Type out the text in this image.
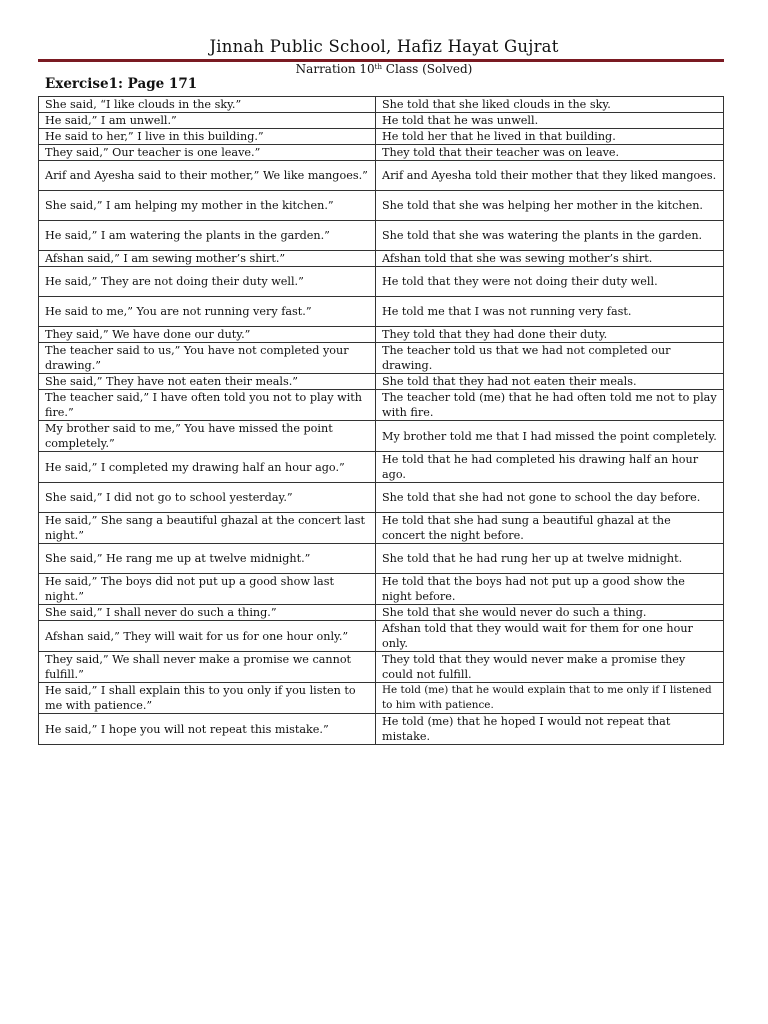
Jinnah Public School, Hafiz Hayat Gujrat
Narration 10th Class (Solved)
Exercise1: Page 171
She said, “I like clouds in the sky.”	She told that she liked clouds in the sky.
He said,” I am unwell.”	He told that he was unwell.
He said to her,” I live in this building.”	He told her that he lived in that building.
They said,” Our teacher is one leave.”	They told that their teacher was on leave.
Arif and Ayesha said to their mother,” We like mangoes.”	Arif and Ayesha told their mother that they liked mangoes.
She said,” I am helping my mother in the kitchen.”	She told that she was helping her mother in the kitchen.
He said,” I am watering the plants in the garden.”	She told that she was watering the plants in the garden.
Afshan said,” I am sewing mother’s shirt.”	Afshan told that she was sewing mother’s shirt.
He said,” They are not doing their duty well.”	He told that they were not doing their duty well.
He said to me,” You are not running very fast.”	He told me that I was not running very fast.
They said,” We have done our duty.”	They told that they had done their duty.
The teacher said to us,” You have not completed your drawing.”	The teacher told us that we had not completed our drawing.
She said,” They have not eaten their meals.”	She told that they had not eaten their meals.
The teacher said,” I have often told you not to play with fire.”	The teacher told (me) that he had often told me not to play with fire.
My brother said to me,” You have missed the point completely.”	My brother told me that I had missed the point completely.
He said,” I completed my drawing half an hour ago.”	He told that he had completed his drawing half an hour ago.
She said,” I did not go to school yesterday.”	She told that she had not gone to school the day before.
He said,” She sang a beautiful ghazal at the concert last night.”	He told that she had sung a beautiful ghazal at the concert the night before.
She said,” He rang me up at twelve midnight.”	She told that he had rung her up at twelve midnight.
He said,” The boys did not put up a good show last night.”	He told that the boys had not put up a good show the night before.
She said,” I shall never do such a thing.”	She told that she would never do such a thing.
Afshan said,” They will wait for us for one hour only.”	Afshan told that they would wait for them for one hour only.
They said,” We shall never make a promise we cannot fulfill.”	They told that they would never make a promise they could not fulfill.
He said,” I shall explain this to you only if you listen to me with patience.”	He told (me) that he would explain that to me only if I listened to him with patience.
He said,” I hope you will not repeat this mistake.”	He told (me) that he hoped I would not repeat that mistake.
